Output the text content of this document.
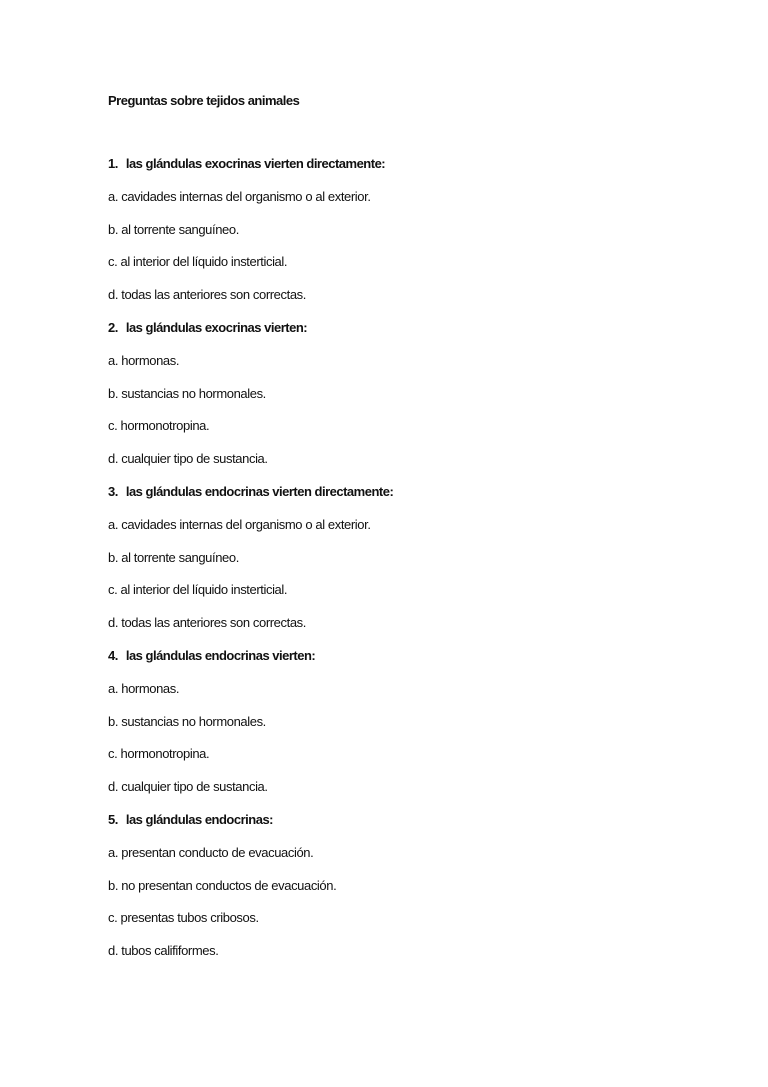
Preguntas sobre tejidos animales
1. las glándulas exocrinas vierten directamente:
a. cavidades internas del organismo o al exterior.
b. al torrente sanguíneo.
c. al interior del líquido insterticial.
d. todas las anteriores son correctas.
2. las glándulas exocrinas vierten:
a. hormonas.
b. sustancias no hormonales.
c. hormonotropina.
d. cualquier tipo de sustancia.
3. las glándulas endocrinas vierten directamente:
a. cavidades internas del organismo o al exterior.
b. al torrente sanguíneo.
c. al interior del líquido insterticial.
d. todas las anteriores son correctas.
4. las glándulas endocrinas vierten:
a. hormonas.
b. sustancias no hormonales.
c. hormonotropina.
d. cualquier tipo de sustancia.
5. las glándulas endocrinas:
a. presentan conducto de evacuación.
b. no presentan conductos de evacuación.
c. presentas tubos cribosos.
d. tubos calififormes.
